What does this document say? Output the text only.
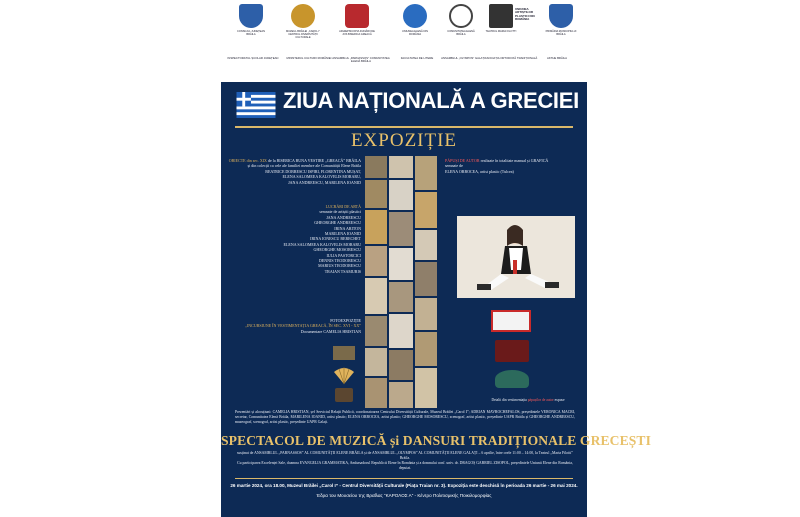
CONSILIUL JUDEȚEAN BRĂILA
MUZEUL BRĂILEI „CAROL I” CENTRUL DIVERSITĂȚII CULTURALE
ARHIEPISCOPIA DUNĂRII DE JOS BISERICA GREACĂ
UNIUNEA ELENĂ DIN ROMÂNIA
COMUNITATEA ELENĂ BRĂILA
TEATRUL MARIA FILOTTI
UNIUNEA ARTIȘTILOR PLASTICI DIN ROMÂNIA
PRIMĂRIA MUNICIPIULUI BRĂILA
INSPECTORATUL ȘCOLAR JUDEȚEAN	MINISTERUL CULTURII ROMÂNIEI ANSAMBLUL „PARNASSOS” COMUNITATEA ELENĂ BRĂILA
FACULTATEA DE LITERE	ANSAMBLUL „OLYMPOS” GALAȚI ASOCIAȚIA ORTODOXĂ TRADIȚIONALĂ	AKTHE BRĂILA
ZIUA NAȚIONALĂ A GRECIEI
EXPOZIȚIE
OBIECTE din sec. XIX de la BISERICA BUNA VESTIRE „GREACĂ” BRĂILA
și din colecții ca cele ale familiei membre ale Comunității Elene Brăila
BEATRICE DOBRESCU ISPIRI, FLORENTINA MUȘAT,
ELENA SALOMEEA KALOVELIS MORARU,
JANA ANDREESCU, MARILENA IOANID
LUCRĂRI DE ARTĂ
semnate de artiștii plastici
JANA ANDREESCU
GHEORGHE ANDREESCU
IRINA ARITON
MARILENA IOANID
IRINA IONESCU BERECHET
ELENA SALOMEEA KALOVELIS MORARU
GHEORGHE MOSORESCU
IULIA PASTORCICI
DENNIS TEODORESCU
MARIUS TEODORESCU
TRAIAN TSAMURIS
FOTOEXPOZIȚIE
„INCURSIUNE ÎN VESTIMENTAȚIA GREACĂ, ÎN SEC. XVI - XX”
Documentare CAMELIA HRISTIAN
PĂPUȘI DE AUTOR realizate în totalitate manual și GRAFICĂ
semnate de
ELENA ORBOCEA, artist plastic (Tulcea)
Detalii din vestimentația păpușilor de autor expuse
Prezentări și alocuțiuni: CAMELIA HRISTIAN, șef Serviciul Relații Publică, coordonatoarea Centrului Diversității Culturale, Muzeul Brăilei „Carol I”; ADRIAN MAVROCHEFALOS, președintele VERONICA MACRI, secretar, Comunitatea Elenă Brăila, MARILENA IOANID, artist plastic; ELENA ORBOCEA, artist plastic; GHEORGHE MOSORESCU, scenograf, artist plastic, președinte UAPR Brăila și GHEORGHE ANDREESCU, muzeograf, scenograf, artist plastic, președinte UAPR Galați.
SPECTACOL DE MUZICĂ și DANSURI TRADIȚIONALE GRECEȘTI
susținut de ANSAMBLUL „PARNASSOS” AL COMUNITĂȚII ELENE BRĂILA și de ANSAMBLUL „OLYMPOS” AL COMUNITĂȚII ELENE GALAȚI – 6 aprilie, între orele 11:00 – 14:00, la Teatrul „Maria Filotti” Brăila.
Cu participarea Excelenței Sale, doamna EVANGELIA GRAMMATIKA, Ambasadorul Republicii Elene în România și a domnului conf. univ. dr. DRAGOȘ GABRIEL ZISOPOL, președintele Uniunii Elene din România, deputat.
26 martie 2024, ora 18.00, Muzeul Brăilei „Carol I” - Centrul Diversității Culturale (Piața Traian nr. 3). Expoziția este deschisă în perioada 26 martie - 26 mai 2024.
Έδρα του Μουσείου της Βραΐλας “ΚΑΡΟΛΟΣ Α” - Κέντρο Πολιτισμικής Ποικιλομορφίας
